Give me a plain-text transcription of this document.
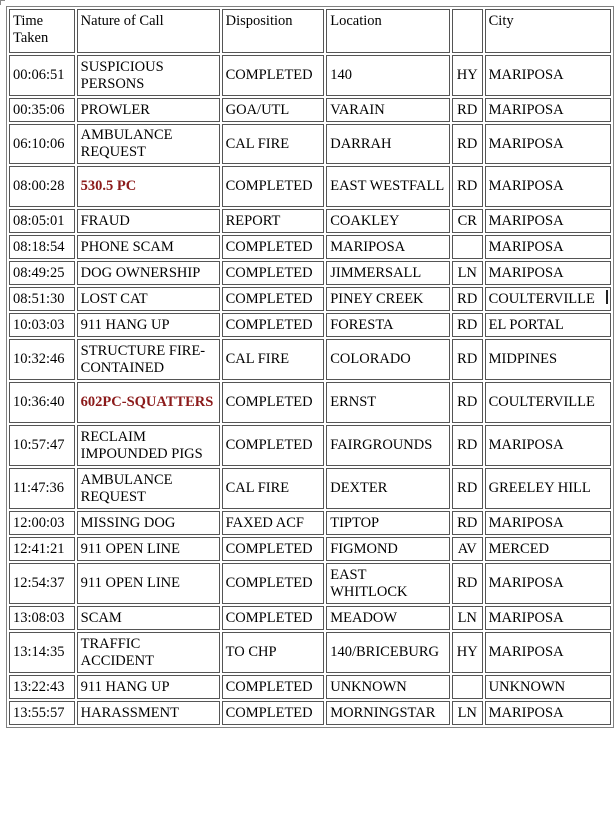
Time Taken	Nature of Call	Disposition	Location		City
00:06:51	SUSPICIOUS PERSONS	COMPLETED	140	HY	MARIPOSA
00:35:06	PROWLER	GOA/UTL	VARAIN	RD	MARIPOSA
06:10:06	AMBULANCE REQUEST	CAL FIRE	DARRAH	RD	MARIPOSA
08:00:28	530.5 PC	COMPLETED	EAST WESTFALL	RD	MARIPOSA
08:05:01	FRAUD	REPORT	COAKLEY	CR	MARIPOSA
08:18:54	PHONE SCAM	COMPLETED	MARIPOSA		MARIPOSA
08:49:25	DOG OWNERSHIP	COMPLETED	JIMMERSALL	LN	MARIPOSA
08:51:30	LOST CAT	COMPLETED	PINEY CREEK	RD	COULTERVILLE
10:03:03	911 HANG UP	COMPLETED	FORESTA	RD	EL PORTAL
10:32:46	STRUCTURE FIRE-CONTAINED	CAL FIRE	COLORADO	RD	MIDPINES
10:36:40	602PC-SQUATTERS	COMPLETED	ERNST	RD	COULTERVILLE
10:57:47	RECLAIM IMPOUNDED PIGS	COMPLETED	FAIRGROUNDS	RD	MARIPOSA
11:47:36	AMBULANCE REQUEST	CAL FIRE	DEXTER	RD	GREELEY HILL
12:00:03	MISSING DOG	FAXED ACF	TIPTOP	RD	MARIPOSA
12:41:21	911 OPEN LINE	COMPLETED	FIGMOND	AV	MERCED
12:54:37	911 OPEN LINE	COMPLETED	EAST WHITLOCK	RD	MARIPOSA
13:08:03	SCAM	COMPLETED	MEADOW	LN	MARIPOSA
13:14:35	TRAFFIC ACCIDENT	TO CHP	140/BRICEBURG	HY	MARIPOSA
13:22:43	911 HANG UP	COMPLETED	UNKNOWN		UNKNOWN
13:55:57	HARASSMENT	COMPLETED	MORNINGSTAR	LN	MARIPOSA
